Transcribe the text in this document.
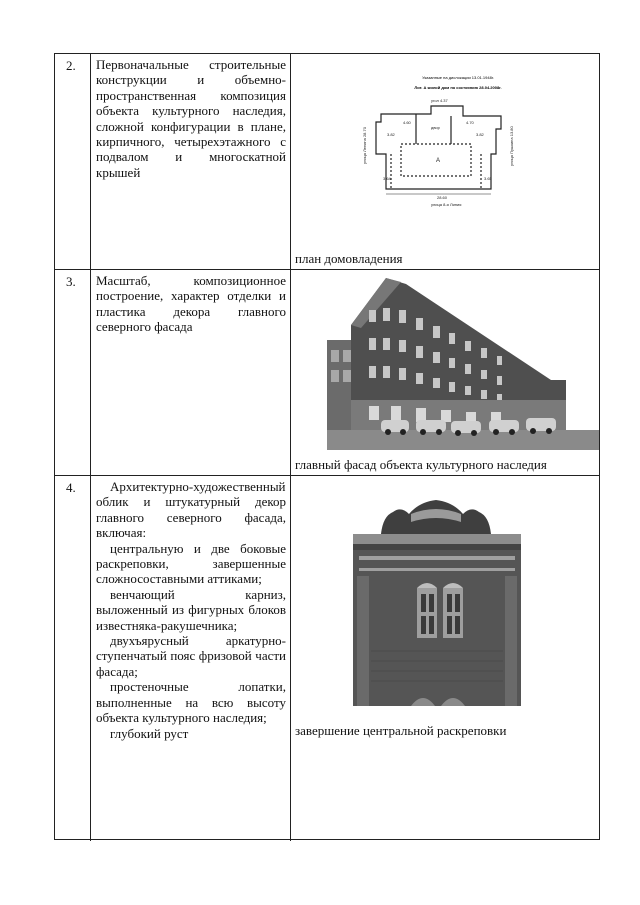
2.	Первоначальные строительные конструкции и объемно-пространственная композиция объекта культурного наследия, сложной конфигурации в плане, кирпичного, четырехэтажного с подвалом и многоскатной крышей

Указанные на дислокации 13.01.1948г.
Лит. А жилой дом по состоянию 28.04.2008г.
угол 4.37
улица Ленина 28.70	улица Пушкина 13.80
двор
А
28.60
улица 8-я Линия
3.82	3.82
4.60	4.70
3.64	3.65
план домовладения
3.	Масштаб, композиционное построение, характер отделки и пластика декора главного северного фасада

главный фасад объекта культурного наследия
4.	Архитектурно-художественный облик и штукатурный декор главного северного фасада, включая:

центральную и две боковые раскреповки, завершенные сложносоставными аттиками;

венчающий карниз, выложенный из фигурных блоков известняка-ракушечника;

двухъярусный аркатурно-ступенчатый пояс фризовой части фасада;

простеночные лопатки, выполненные на всю высоту объекта культурного наследия;

глубокий руст	завершение центральной раскреповки
